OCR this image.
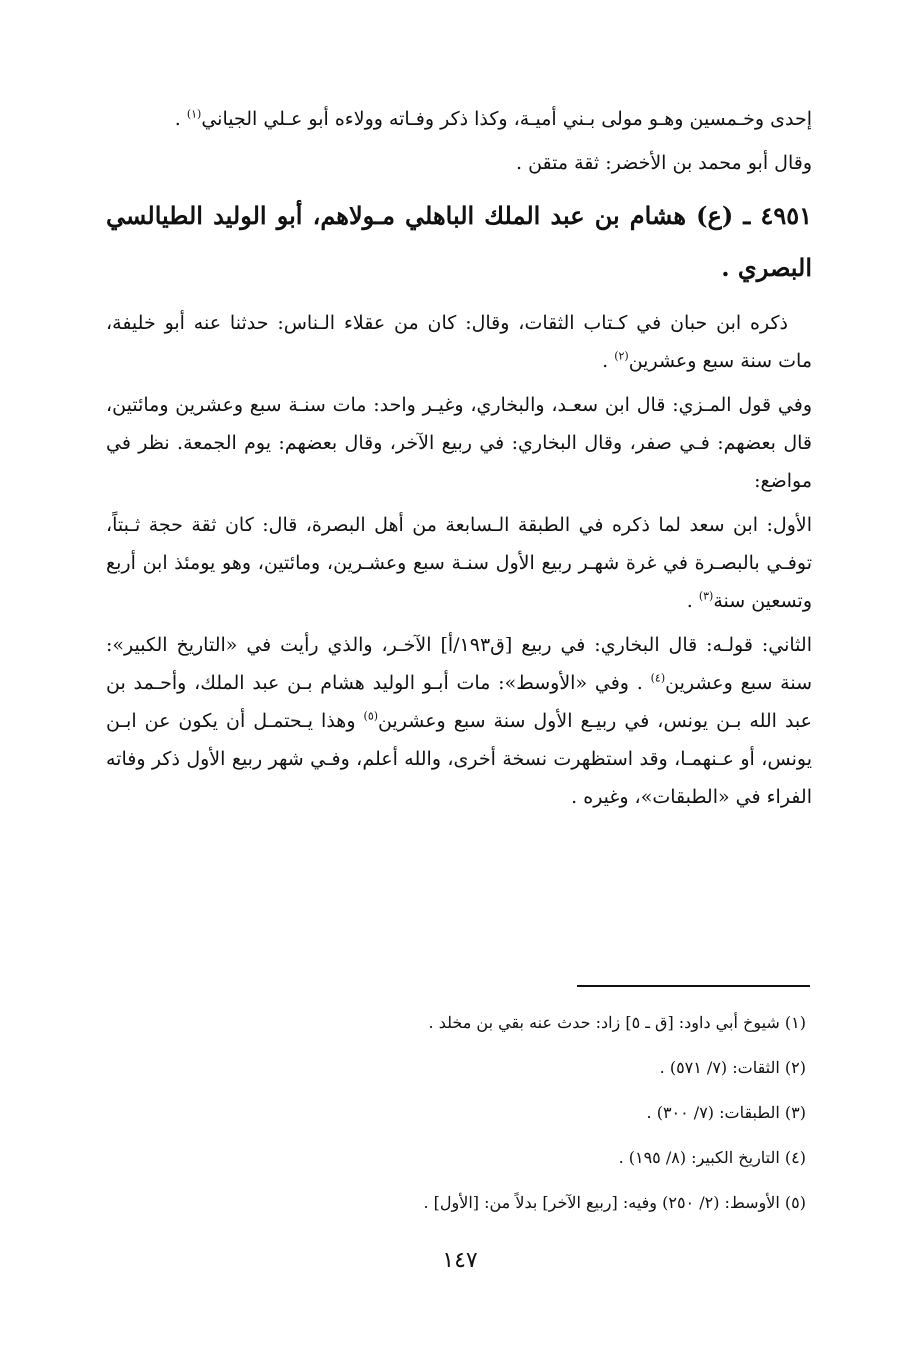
إحدى وخـمسين وهـو مولى بـني أميـة، وكذا ذكر وفـاته وولاءه أبو عـلي الجياني$^{(١)}$ .

وقال أبو محمد بن الأخضر: ثقة متقن .

٤٩٥١ ـ (ع) هشام بن عبد الملك الباهلي مـولاهم، أبو الوليد الطيالسي البصري .

ذكره ابن حبان في كـتاب الثقات، وقال: كان من عقلاء الـناس: حدثنا عنه أبو خليفة، مات سنة سبع وعشرين$^{(٢)}$ .

وفي قول المـزي: قال ابن سعـد، والبخاري، وغيـر واحد: مات سنـة سبع وعشرين ومائتين، قال بعضهم: فـي صفر، وقال البخاري: في ربيع الآخر، وقال بعضهم: يوم الجمعة. نظر في مواضع:

الأول: ابن سعد لما ذكره في الطبقة الـسابعة من أهل البصرة، قال: كان ثقة حجة ثـبتاً، توفـي بالبصـرة في غرة شهـر ربيع الأول سنـة سبع وعشـرين، ومائتين، وهو يومئذ ابن أربع وتسعين سنة$^{(٣)}$ .

الثاني: قولـه: قال البخاري: في ربيع [ق١٩٣/أ] الآخـر، والذي رأيت في «التاريخ الكبير»: سنة سبع وعشرين$^{(٤)}$ . وفي «الأوسط»: مات أبـو الوليد هشام بـن عبد الملك، وأحـمد بن عبد الله بـن يونس، في ربيـع الأول سنة سبع وعشرين$^{(٥)}$ وهذا يـحتمـل أن يكون عن ابـن يونس، أو عـنهمـا، وقد استظهرت نسخة أخرى، والله أعلم، وفـي شهر ربيع الأول ذكر وفاته الفراء في «الطبقات»، وغيره .

(١) شيوخ أبي داود: [ق ـ ٥] زاد: حدث عنه بقي بن مخلد .
(٢) الثقات: (٧/ ٥٧١) .
(٣) الطبقات: (٧/ ٣٠٠) .
(٤) التاريخ الكبير: (٨/ ١٩٥) .
(٥) الأوسط: (٢/ ٢٥٠) وفيه: [ربيع الآخر] بدلاً من: [الأول] .
١٤٧
